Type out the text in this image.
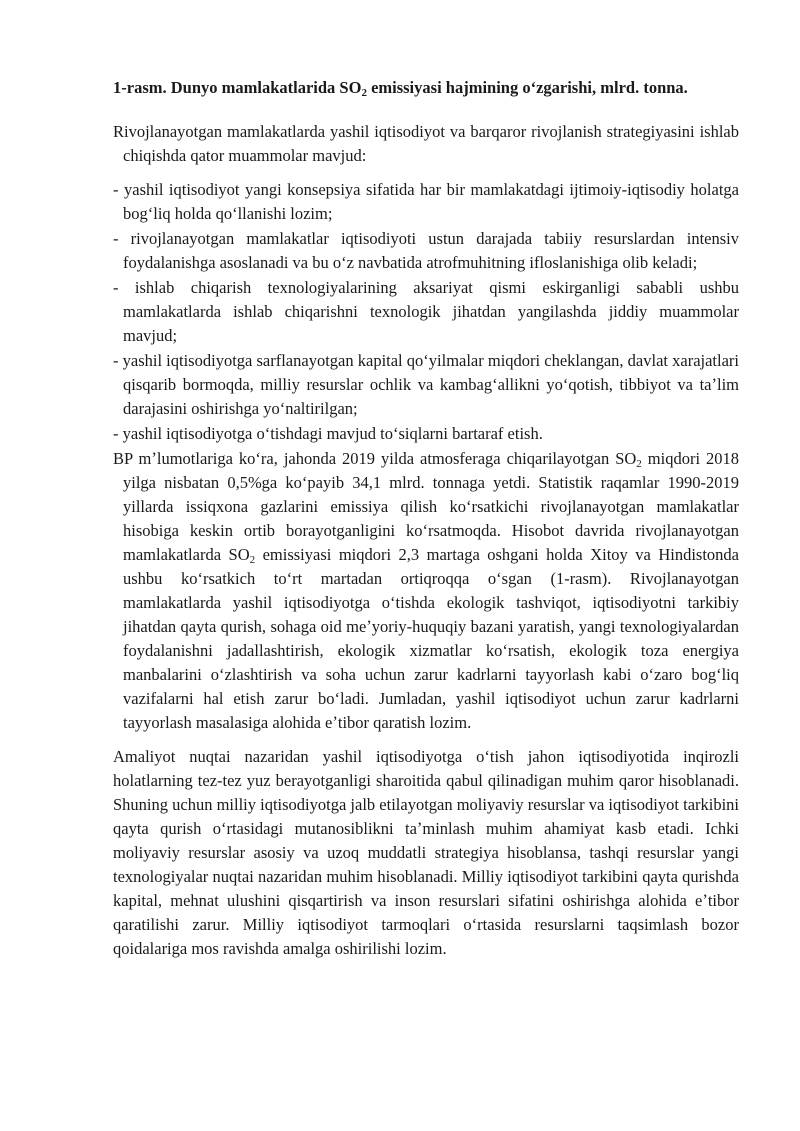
1-rasm. Dunyo mamlakatlarida $SO_2$ emissiyasi hajmining oʻzgarishi, mlrd. tonna.

Rivojlanayotgan mamlakatlarda yashil iqtisodiyot va barqaror rivojlanish strategiyasini ishlab chiqishda qator muammolar mavjud:

- yashil iqtisodiyot yangi konsepsiya sifatida har bir mamlakatdagi ijtimoiy-iqtisodiy holatga bogʻliq holda qoʻllanishi lozim;
- rivojlanayotgan mamlakatlar iqtisodiyoti ustun darajada tabiiy resurslardan intensiv foydalanishga asoslanadi va bu oʻz navbatida atrofmuhitning ifloslanishiga olib keladi;
- ishlab chiqarish texnologiyalarining aksariyat qismi eskirganligi sababli ushbu mamlakatlarda ishlab chiqarishni texnologik jihatdan yangilashda jiddiy muammolar mavjud;
- yashil iqtisodiyotga sarflanayotgan kapital qoʻyilmalar miqdori cheklangan, davlat xarajatlari qisqarib bormoqda, milliy resurslar ochlik va kambagʻallikni yoʻqotish, tibbiyot va taʼlim darajasini oshirishga yoʻnaltirilgan;
- yashil iqtisodiyotga oʻtishdagi mavjud toʻsiqlarni bartaraf etish.

BP mʼlumotlariga koʻra, jahonda 2019 yilda atmosferaga chiqarilayotgan $SO_2$ miqdori 2018 yilga nisbatan 0,5%ga koʻpayib 34,1 mlrd. tonnaga yetdi. Statistik raqamlar 1990-2019 yillarda issiqxona gazlarini emissiya qilish koʻrsatkichi rivojlanayotgan mamlakatlar hisobiga keskin ortib borayotganligini koʻrsatmoqda. Hisobot davrida rivojlanayotgan mamlakatlarda $SO_2$ emissiyasi miqdori 2,3 martaga oshgani holda Xitoy va Hindistonda ushbu koʻrsatkich toʻrt martadan ortiqroqqa oʻsgan (1-rasm). Rivojlanayotgan mamlakatlarda yashil iqtisodiyotga oʻtishda ekologik tashviqot, iqtisodiyotni tarkibiy jihatdan qayta qurish, sohaga oid meʼyoriy-huquqiy bazani yaratish, yangi texnologiyalardan foydalanishni jadallashtirish, ekologik xizmatlar koʻrsatish, ekologik toza energiya manbalarini oʻzlashtirish va soha uchun zarur kadrlarni tayyorlash kabi oʻzaro bogʻliq vazifalarni hal etish zarur boʻladi. Jumladan, yashil iqtisodiyot uchun zarur kadrlarni tayyorlash masalasiga alohida eʼtibor qaratish lozim.

Amaliyot nuqtai nazaridan yashil iqtisodiyotga oʻtish jahon iqtisodiyotida inqirozli holatlarning tez-tez yuz berayotganligi sharoitida qabul qilinadigan muhim qaror hisoblanadi. Shuning uchun milliy iqtisodiyotga jalb etilayotgan moliyaviy resurslar va iqtisodiyot tarkibini qayta qurish oʻrtasidagi mutanosiblikni taʼminlash muhim ahamiyat kasb etadi. Ichki moliyaviy resurslar asosiy va uzoq muddatli strategiya hisoblansa, tashqi resurslar yangi texnologiyalar nuqtai nazaridan muhim hisoblanadi. Milliy iqtisodiyot tarkibini qayta qurishda kapital, mehnat ulushini qisqartirish va inson resurslari sifatini oshirishga alohida eʼtibor qaratilishi zarur. Milliy iqtisodiyot tarmoqlari oʻrtasida resurslarni taqsimlash bozor qoidalariga mos ravishda amalga oshirilishi lozim.
